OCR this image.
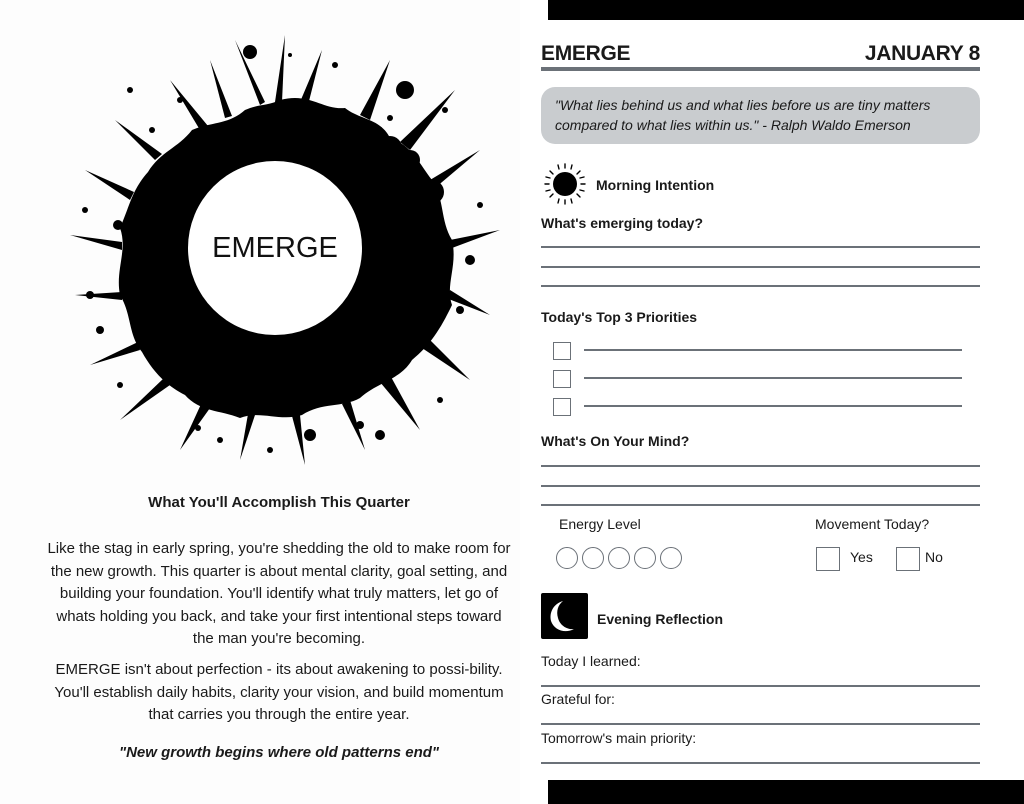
EMERGE
What You'll Accomplish This Quarter
Like the stag in early spring, you're shedding the old to make room for the new growth. This quarter is about mental clarity, goal setting, and building your foundation. You'll identify what truly matters, let go of whats holding you back, and take your first intentional steps toward the man you're becoming.
EMERGE isn't about perfection - its about awakening to possi-bility. You'll establish daily habits, clarity your vision, and build momentum that carries you through the entire year.
"New growth begins where old patterns end"
EMERGE	JANUARY 8
"What lies behind us and what lies before us are tiny matters compared to what lies within us." - Ralph Waldo Emerson
Morning Intention
What's emerging today?
Today's Top 3 Priorities
What's On Your Mind?
Energy Level	Movement Today?
Yes	No
Evening Reflection
Today I learned:
Grateful for:
Tomorrow's main priority:
